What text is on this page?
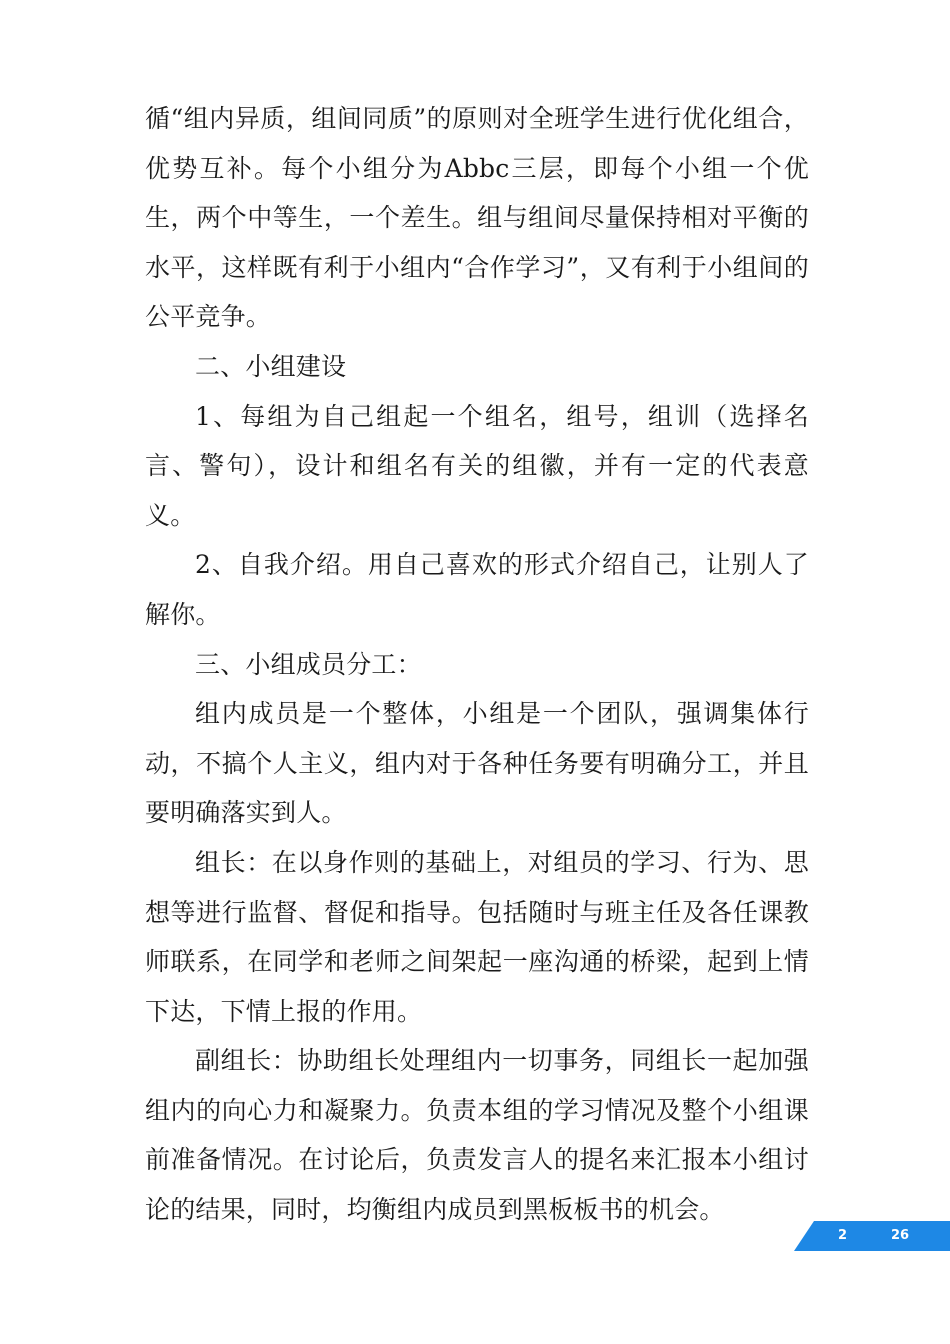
循“组内异质，组间同质”的原则对全班学生进行优化组合，优势互补。每个小组分为Abbc三层，即每个小组一个优生，两个中等生，一个差生。组与组间尽量保持相对平衡的水平，这样既有利于小组内“合作学习”，又有利于小组间的公平竞争。

二、小组建设

1、每组为自己组起一个组名，组号，组训（选择名言、警句），设计和组名有关的组徽，并有一定的代表意义。

2、自我介绍。用自己喜欢的形式介绍自己，让别人了解你。

三、小组成员分工：

组内成员是一个整体，小组是一个团队，强调集体行动，不搞个人主义，组内对于各种任务要有明确分工，并且要明确落实到人。

组长：在以身作则的基础上，对组员的学习、行为、思想等进行监督、督促和指导。包括随时与班主任及各任课教师联系，在同学和老师之间架起一座沟通的桥梁，起到上情下达，下情上报的作用。

副组长：协助组长处理组内一切事务，同组长一起加强组内的向心力和凝聚力。负责本组的学习情况及整个小组课前准备情况。在讨论后，负责发言人的提名来汇报本小组讨论的结果，同时，均衡组内成员到黑板板书的机会。

2	26
